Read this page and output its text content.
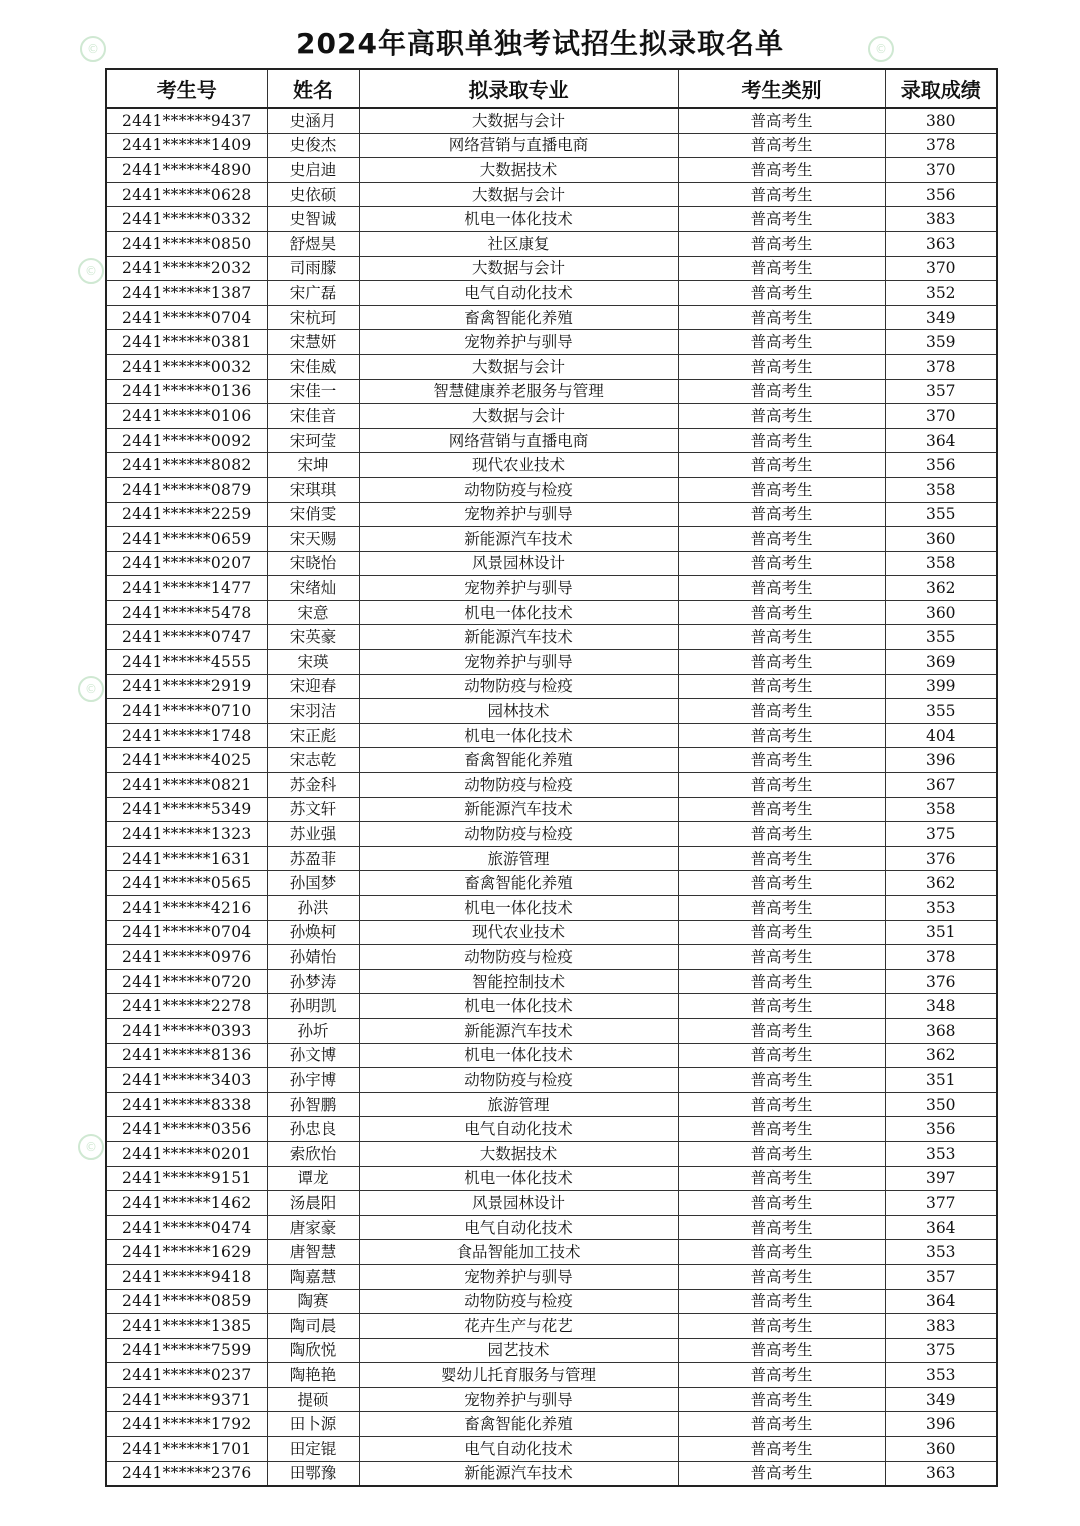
©	©
©
©
©
2024年高职单独考试招生拟录取名单
考生号	姓名	拟录取专业	考生类别	录取成绩
2441******9437	史涵月	大数据与会计	普高考生	380
2441******1409	史俊杰	网络营销与直播电商	普高考生	378
2441******4890	史启迪	大数据技术	普高考生	370
2441******0628	史依硕	大数据与会计	普高考生	356
2441******0332	史智诚	机电一体化技术	普高考生	383
2441******0850	舒煜昊	社区康复	普高考生	363
2441******2032	司雨朦	大数据与会计	普高考生	370
2441******1387	宋广磊	电气自动化技术	普高考生	352
2441******0704	宋杭珂	畜禽智能化养殖	普高考生	349
2441******0381	宋慧妍	宠物养护与驯导	普高考生	359
2441******0032	宋佳威	大数据与会计	普高考生	378
2441******0136	宋佳一	智慧健康养老服务与管理	普高考生	357
2441******0106	宋佳音	大数据与会计	普高考生	370
2441******0092	宋珂莹	网络营销与直播电商	普高考生	364
2441******8082	宋坤	现代农业技术	普高考生	356
2441******0879	宋琪琪	动物防疫与检疫	普高考生	358
2441******2259	宋俏雯	宠物养护与驯导	普高考生	355
2441******0659	宋天赐	新能源汽车技术	普高考生	360
2441******0207	宋晓怡	风景园林设计	普高考生	358
2441******1477	宋绪灿	宠物养护与驯导	普高考生	362
2441******5478	宋意	机电一体化技术	普高考生	360
2441******0747	宋英豪	新能源汽车技术	普高考生	355
2441******4555	宋瑛	宠物养护与驯导	普高考生	369
2441******2919	宋迎春	动物防疫与检疫	普高考生	399
2441******0710	宋羽洁	园林技术	普高考生	355
2441******1748	宋正彪	机电一体化技术	普高考生	404
2441******4025	宋志乾	畜禽智能化养殖	普高考生	396
2441******0821	苏金科	动物防疫与检疫	普高考生	367
2441******5349	苏文轩	新能源汽车技术	普高考生	358
2441******1323	苏业强	动物防疫与检疫	普高考生	375
2441******1631	苏盈菲	旅游管理	普高考生	376
2441******0565	孙国梦	畜禽智能化养殖	普高考生	362
2441******4216	孙洪	机电一体化技术	普高考生	353
2441******0704	孙焕柯	现代农业技术	普高考生	351
2441******0976	孙婧怡	动物防疫与检疫	普高考生	378
2441******0720	孙梦涛	智能控制技术	普高考生	376
2441******2278	孙明凯	机电一体化技术	普高考生	348
2441******0393	孙圻	新能源汽车技术	普高考生	368
2441******8136	孙文博	机电一体化技术	普高考生	362
2441******3403	孙宇博	动物防疫与检疫	普高考生	351
2441******8338	孙智鹏	旅游管理	普高考生	350
2441******0356	孙忠良	电气自动化技术	普高考生	356
2441******0201	索欣怡	大数据技术	普高考生	353
2441******9151	谭龙	机电一体化技术	普高考生	397
2441******1462	汤晨阳	风景园林设计	普高考生	377
2441******0474	唐家豪	电气自动化技术	普高考生	364
2441******1629	唐智慧	食品智能加工技术	普高考生	353
2441******9418	陶嘉慧	宠物养护与驯导	普高考生	357
2441******0859	陶赛	动物防疫与检疫	普高考生	364
2441******1385	陶司晨	花卉生产与花艺	普高考生	383
2441******7599	陶欣悦	园艺技术	普高考生	375
2441******0237	陶艳艳	婴幼儿托育服务与管理	普高考生	353
2441******9371	提硕	宠物养护与驯导	普高考生	349
2441******1792	田卜源	畜禽智能化养殖	普高考生	396
2441******1701	田定锟	电气自动化技术	普高考生	360
2441******2376	田鄂豫	新能源汽车技术	普高考生	363
